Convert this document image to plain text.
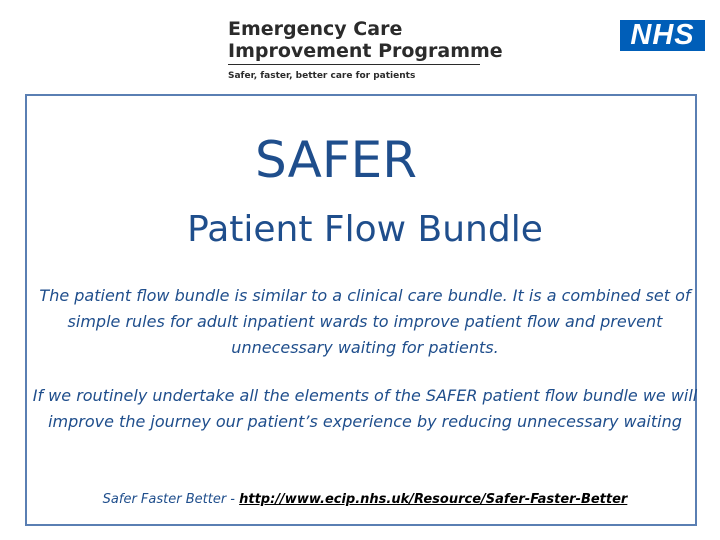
Emergency Care
Improvement Programme
Safer, faster, better care for patients
NHS
SAFER
Patient Flow Bundle
The patient flow bundle is similar to a clinical care bundle. It is a combined set of simple rules for adult inpatient wards to improve patient flow and prevent unnecessary waiting for patients.
If we routinely undertake all the elements of the SAFER patient flow bundle we will improve the journey our patient’s experience by reducing unnecessary waiting
Safer Faster Better - http://www.ecip.nhs.uk/Resource/Safer-Faster-Better
